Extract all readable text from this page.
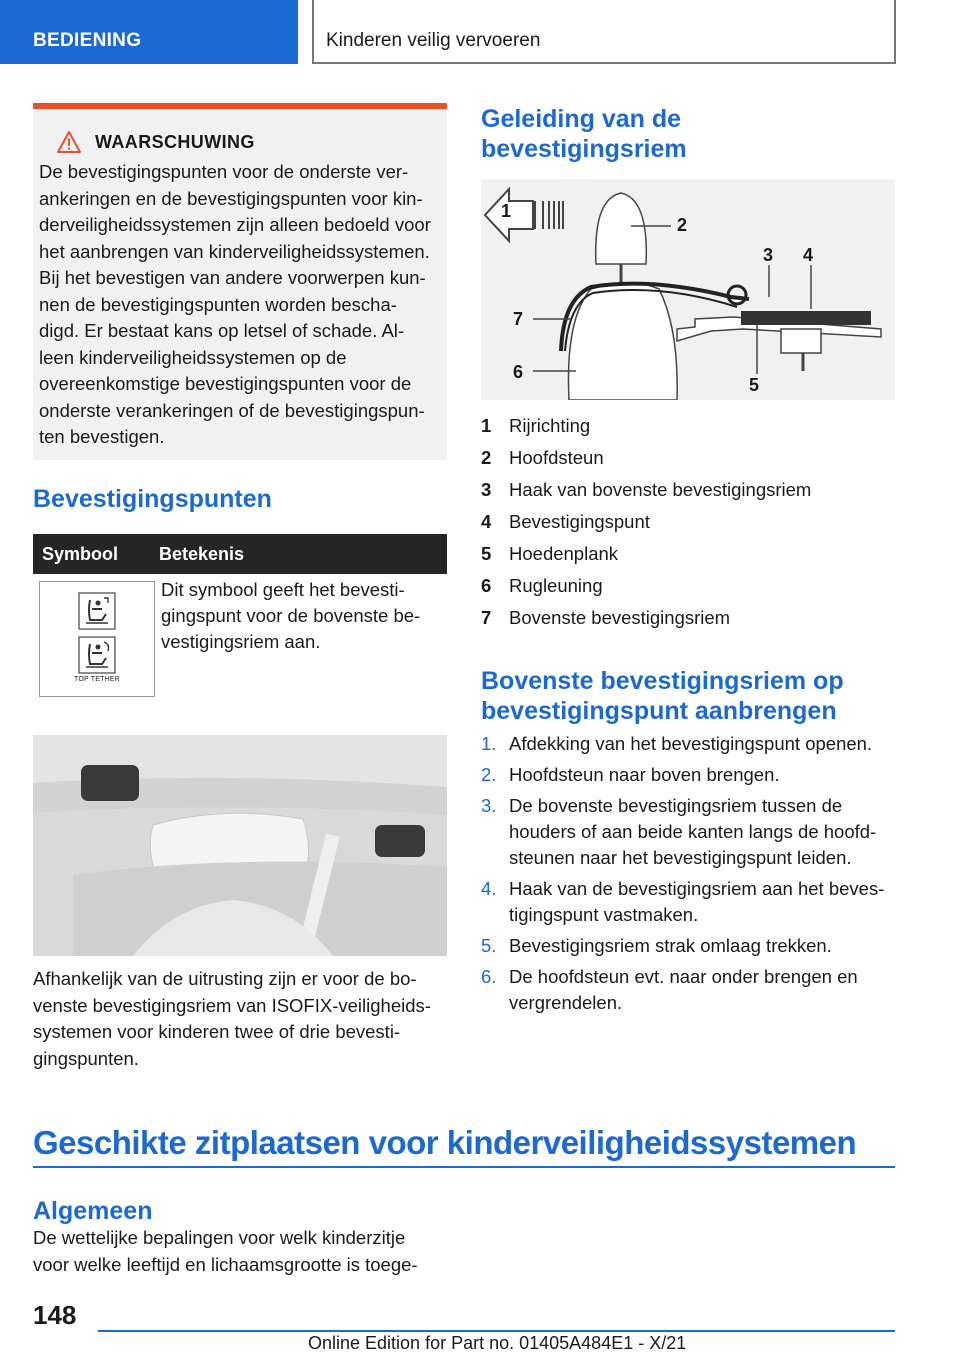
BEDIENING	Kinderen veilig vervoeren
WAARSCHUWING
De bevestigingspunten voor de onderste ver-
ankeringen en de bevestigingspunten voor kin-
derveiligheidssystemen zijn alleen bedoeld voor
het aanbrengen van kinderveiligheidssystemen.
Bij het bevestigen van andere voorwerpen kun-
nen de bevestigingspunten worden bescha-
digd. Er bestaat kans op letsel of schade. Al-
leen kinderveiligheidssystemen op de
overeenkomstige bevestigingspunten voor de
onderste verankeringen of de bevestigingspun-
ten bevestigen.
Bevestigingspunten
Symbool	Betekenis
TOP TETHER
Dit symbool geeft het bevesti-
gingspunt voor de bovenste be-
vestigingsriem aan.
Afhankelijk van de uitrusting zijn er voor de bo-
venste bevestigingsriem van ISOFIX-veiligheids-
systemen voor kinderen twee of drie bevesti-
gingspunten.
Geleiding van de
bevestigingsriem
1
2
3 4
5
6
7
1 Rijrichting
2 Hoofdsteun
3 Haak van bovenste bevestigingsriem
4 Bevestigingspunt
5 Hoedenplank
6 Rugleuning
7 Bovenste bevestigingsriem
Bovenste bevestigingsriem op
bevestigingspunt aanbrengen
1. Afdekking van het bevestigingspunt openen.
2. Hoofdsteun naar boven brengen.
3. De bovenste bevestigingsriem tussen de
houders of aan beide kanten langs de hoofd-
steunen naar het bevestigingspunt leiden.
4. Haak van de bevestigingsriem aan het beves-
tigingspunt vastmaken.
5. Bevestigingsriem strak omlaag trekken.
6. De hoofdsteun evt. naar onder brengen en
vergrendelen.
Geschikte zitplaatsen voor kinderveiligheidssystemen
Algemeen
De wettelijke bepalingen voor welk kinderzitje
voor welke leeftijd en lichaamsgrootte is toege-
148
Online Edition for Part no. 01405A484E1 - X/21
